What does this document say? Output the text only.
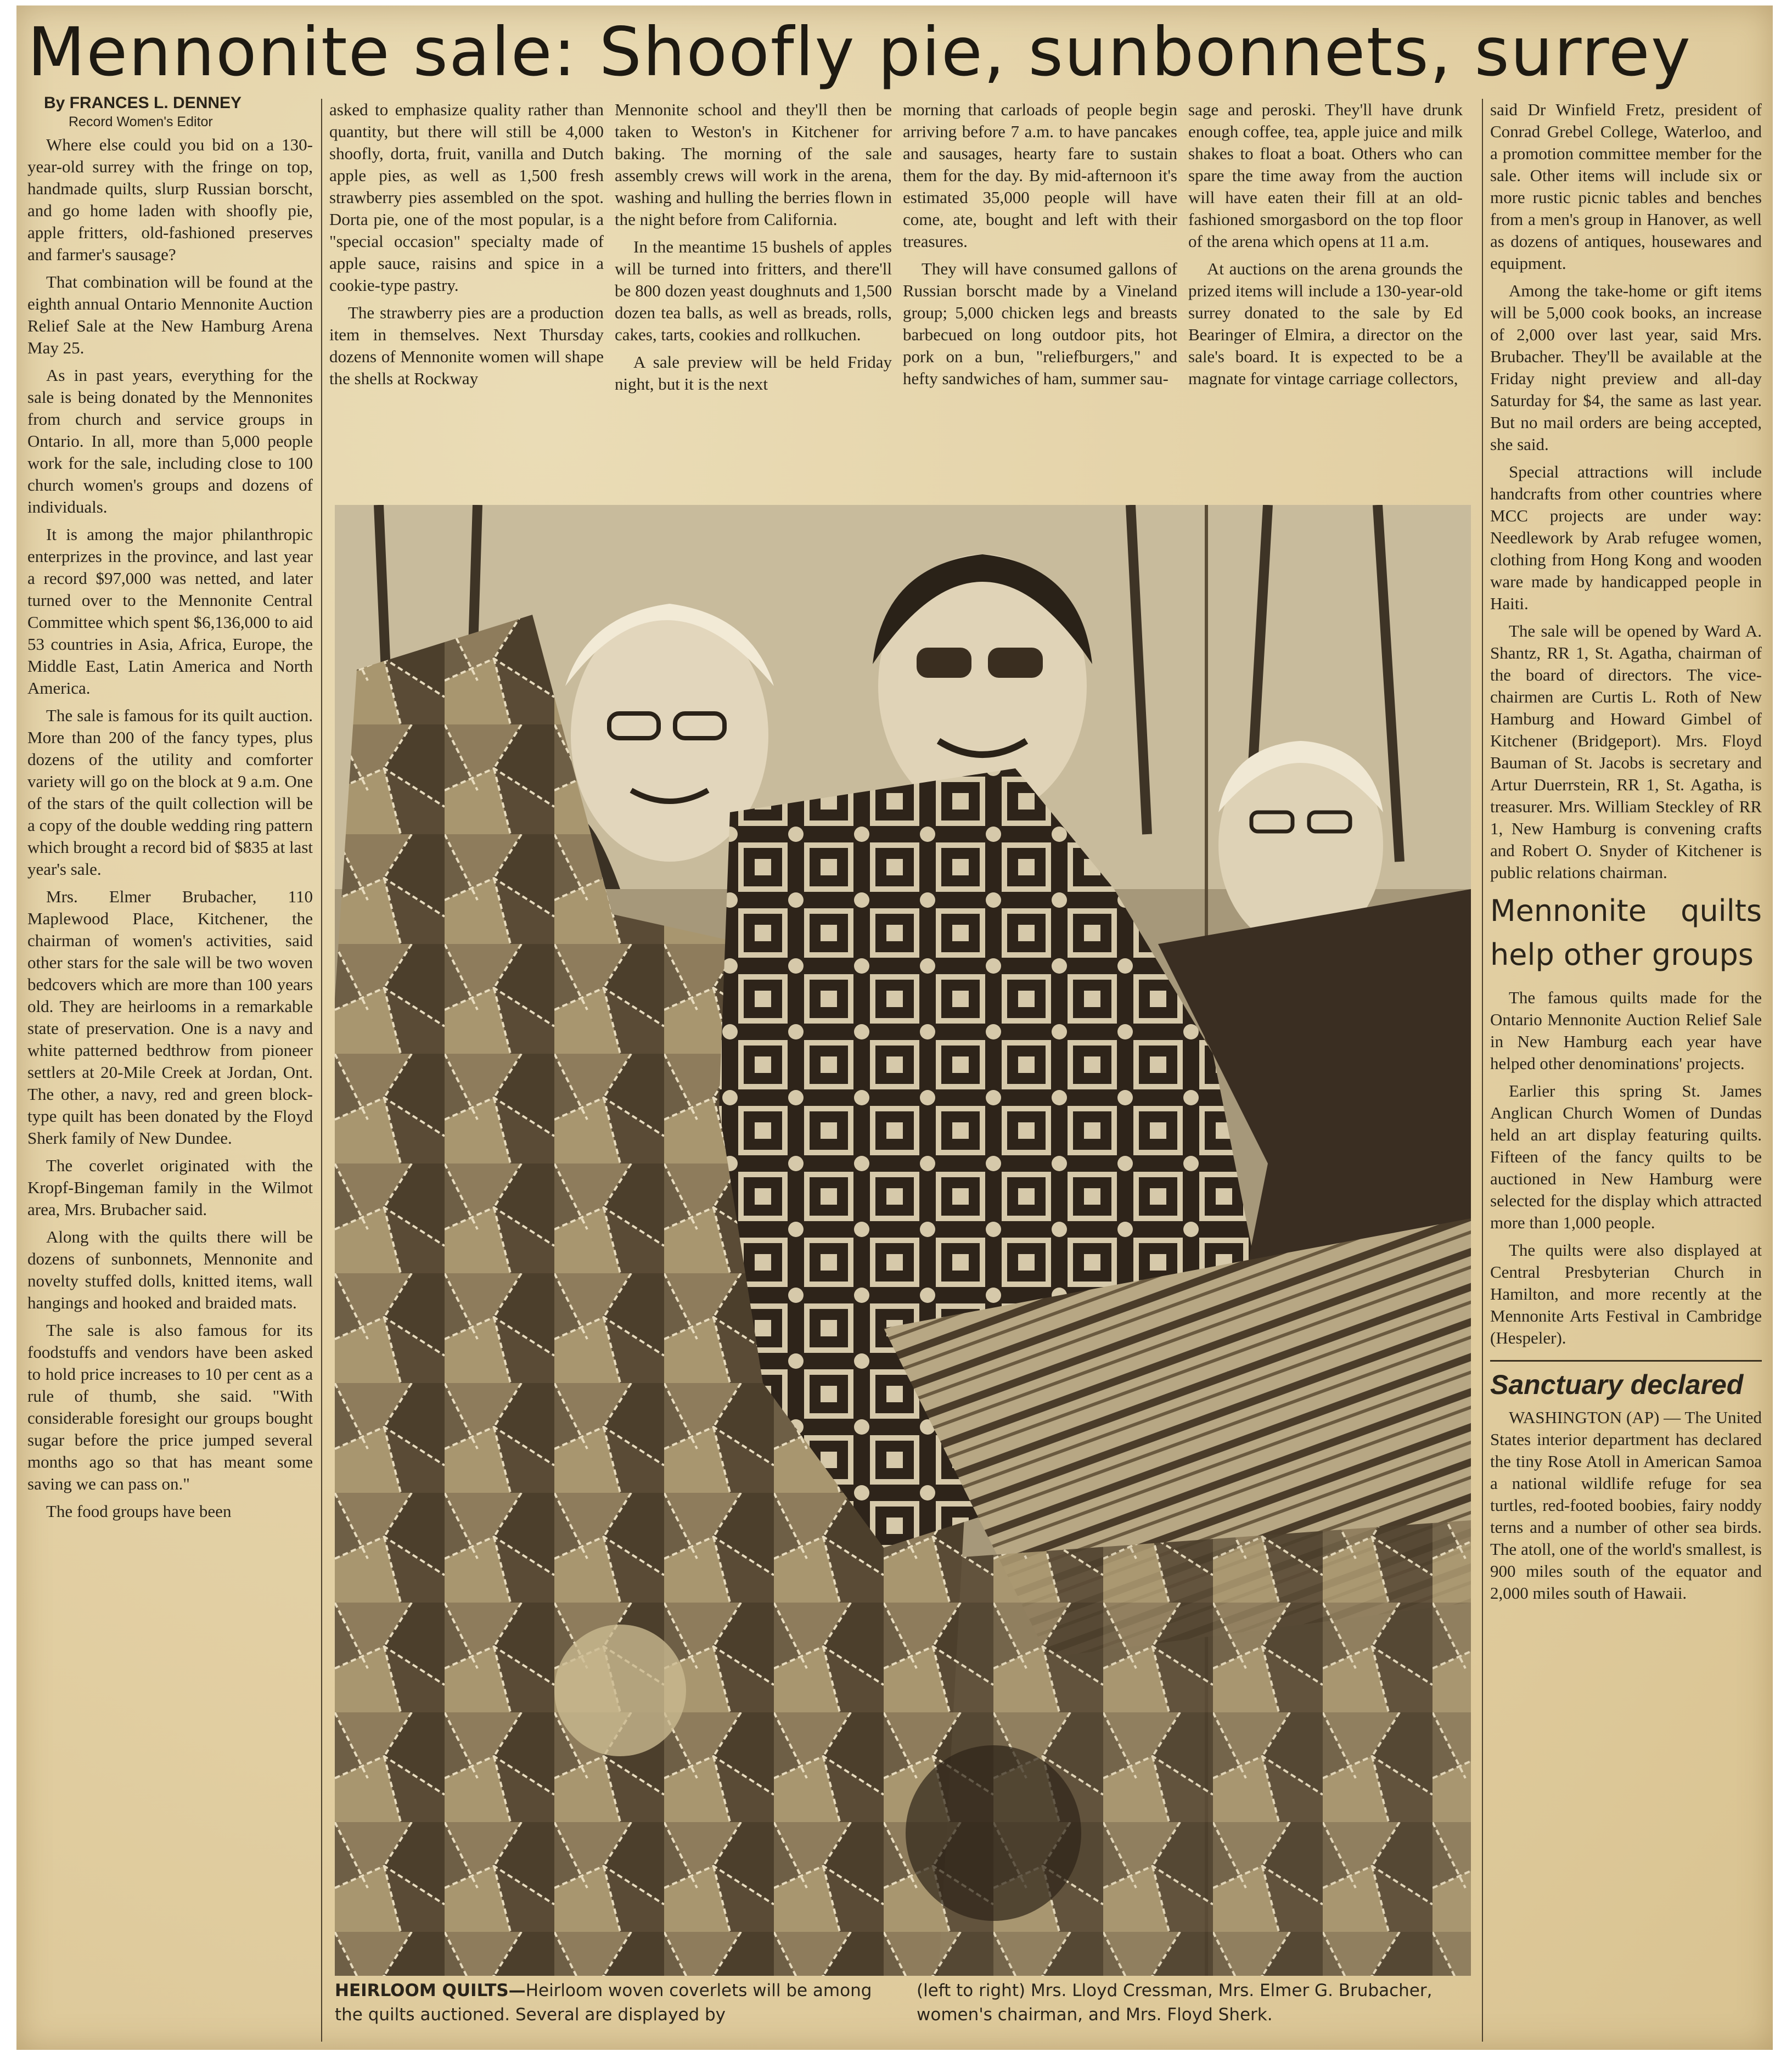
Mennonite sale: Shoofly pie, sunbonnets, surrey
By FRANCES L. DENNEY
Record Women's Editor

Where else could you bid on a 130-year-old surrey with the fringe on top, handmade quilts, slurp Russian borscht, and go home laden with shoofly pie, apple fritters, old-fashioned preserves and farmer's sausage?

That combination will be found at the eighth annual Ontario Mennonite Auction Relief Sale at the New Hamburg Arena May 25.

As in past years, everything for the sale is being donated by the Mennonites from church and service groups in Ontario. In all, more than 5,000 people work for the sale, including close to 100 church women's groups and dozens of individuals.

It is among the major philanthropic enterprizes in the province, and last year a record $97,000 was netted, and later turned over to the Mennonite Central Committee which spent $6,136,000 to aid 53 countries in Asia, Africa, Europe, the Middle East, Latin America and North America.

The sale is famous for its quilt auction. More than 200 of the fancy types, plus dozens of the utility and comforter variety will go on the block at 9 a.m. One of the stars of the quilt collection will be a copy of the double wedding ring pattern which brought a record bid of $835 at last year's sale.

Mrs. Elmer Brubacher, 110 Maplewood Place, Kitchener, the chairman of women's activities, said other stars for the sale will be two woven bedcovers which are more than 100 years old. They are heirlooms in a remarkable state of preservation. One is a navy and white patterned bedthrow from pioneer settlers at 20-Mile Creek at Jordan, Ont. The other, a navy, red and green block-type quilt has been donated by the Floyd Sherk family of New Dundee.

The coverlet originated with the Kropf-Bingeman family in the Wilmot area, Mrs. Brubacher said.

Along with the quilts there will be dozens of sunbonnets, Mennonite and novelty stuffed dolls, knitted items, wall hangings and hooked and braided mats.

The sale is also famous for its foodstuffs and vendors have been asked to hold price increases to 10 per cent as a rule of thumb, she said. "With considerable foresight our groups bought sugar before the price jumped several months ago so that has meant some saving we can pass on."

The food groups have been

asked to emphasize quality rather than quantity, but there will still be 4,000 shoofly, dorta, fruit, vanilla and Dutch apple pies, as well as 1,500 fresh strawberry pies assembled on the spot. Dorta pie, one of the most popular, is a "special occasion" specialty made of apple sauce, raisins and spice in a cookie-type pastry.

The strawberry pies are a production item in themselves. Next Thursday dozens of Mennonite women will shape the shells at Rockway

Mennonite school and they'll then be taken to Weston's in Kitchener for baking. The morning of the sale assembly crews will work in the arena, washing and hulling the berries flown in the night before from California.

In the meantime 15 bushels of apples will be turned into fritters, and there'll be 800 dozen yeast doughnuts and 1,500 dozen tea balls, as well as breads, rolls, cakes, tarts, cookies and rollkuchen.

A sale preview will be held Friday night, but it is the next

morning that carloads of people begin arriving before 7 a.m. to have pancakes and sausages, hearty fare to sustain them for the day. By mid-afternoon it's estimated 35,000 people will have come, ate, bought and left with their treasures.

They will have consumed gallons of Russian borscht made by a Vineland group; 5,000 chicken legs and breasts barbecued on long outdoor pits, hot pork on a bun, "reliefburgers," and hefty sandwiches of ham, summer sau-

sage and peroski. They'll have drunk enough coffee, tea, apple juice and milk shakes to float a boat. Others who can spare the time away from the auction will have eaten their fill at an old-fashioned smorgasbord on the top floor of the arena which opens at 11 a.m.

At auctions on the arena grounds the prized items will include a 130-year-old surrey donated to the sale by Ed Bearinger of Elmira, a director on the sale's board. It is expected to be a magnate for vintage carriage collectors,

said Dr Winfield Fretz, president of Conrad Grebel College, Waterloo, and a promotion committee member for the sale. Other items will include six or more rustic picnic tables and benches from a men's group in Hanover, as well as dozens of antiques, housewares and equipment.

Among the take-home or gift items will be 5,000 cook books, an increase of 2,000 over last year, said Mrs. Brubacher. They'll be available at the Friday night preview and all-day Saturday for $4, the same as last year. But no mail orders are being accepted, she said.

Special attractions will include handcrafts from other countries where MCC projects are under way: Needlework by Arab refugee women, clothing from Hong Kong and wooden ware made by handicapped people in Haiti.

The sale will be opened by Ward A. Shantz, RR 1, St. Agatha, chairman of the board of directors. The vice-chairmen are Curtis L. Roth of New Hamburg and Howard Gimbel of Kitchener (Bridgeport). Mrs. Floyd Bauman of St. Jacobs is secretary and Artur Duerrstein, RR 1, St. Agatha, is treasurer. Mrs. William Steckley of RR 1, New Hamburg is convening crafts and Robert O. Snyder of Kitchener is public relations chairman.

Mennonite quilts help other groups

The famous quilts made for the Ontario Mennonite Auction Relief Sale in New Hamburg each year have helped other denominations' projects.

Earlier this spring St. James Anglican Church Women of Dundas held an art display featuring quilts. Fifteen of the fancy quilts to be auctioned in New Hamburg were selected for the display which attracted more than 1,000 people.

The quilts were also displayed at Central Presbyterian Church in Hamilton, and more recently at the Mennonite Arts Festival in Cambridge (Hespeler).

Sanctuary declared

WASHINGTON (AP) — The United States interior department has declared the tiny Rose Atoll in American Samoa a national wildlife refuge for sea turtles, red-footed boobies, fairy noddy terns and a number of other sea birds. The atoll, one of the world's smallest, is 900 miles south of the equator and 2,000 miles south of Hawaii.

HEIRLOOM QUILTS—Heirloom woven coverlets will be among the quilts auctioned. Several are displayed by
(left to right) Mrs. Lloyd Cressman, Mrs. Elmer G. Brubacher, women's chairman, and Mrs. Floyd Sherk.
